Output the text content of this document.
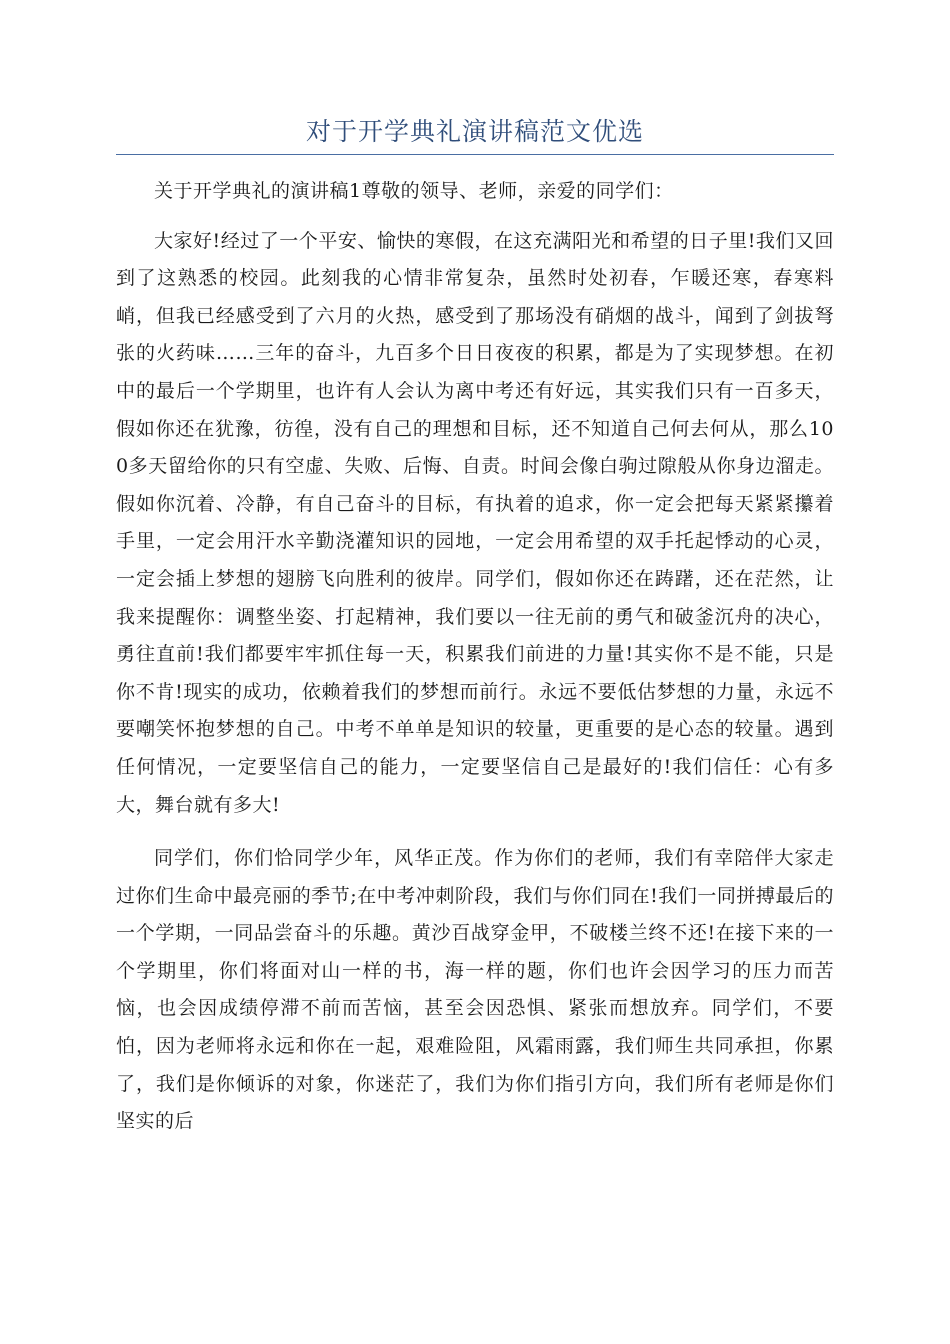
对于开学典礼演讲稿范文优选

关于开学典礼的演讲稿1尊敬的领导、老师，亲爱的同学们：

大家好!经过了一个平安、愉快的寒假，在这充满阳光和希望的日子里!我们又回到了这熟悉的校园。此刻我的心情非常复杂，虽然时处初春，乍暖还寒，春寒料峭，但我已经感受到了六月的火热，感受到了那场没有硝烟的战斗，闻到了剑拔弩张的火药味……三年的奋斗，九百多个日日夜夜的积累，都是为了实现梦想。在初中的最后一个学期里，也许有人会认为离中考还有好远，其实我们只有一百多天，假如你还在犹豫，彷徨，没有自己的理想和目标，还不知道自己何去何从，那么100多天留给你的只有空虚、失败、后悔、自责。时间会像白驹过隙般从你身边溜走。假如你沉着、冷静，有自己奋斗的目标，有执着的追求，你一定会把每天紧紧攥着手里，一定会用汗水辛勤浇灌知识的园地，一定会用希望的双手托起悸动的心灵，一定会插上梦想的翅膀飞向胜利的彼岸。同学们，假如你还在踌躇，还在茫然，让我来提醒你：调整坐姿、打起精神，我们要以一往无前的勇气和破釜沉舟的决心，勇往直前!我们都要牢牢抓住每一天，积累我们前进的力量!其实你不是不能，只是你不肯!现实的成功，依赖着我们的梦想而前行。永远不要低估梦想的力量，永远不要嘲笑怀抱梦想的自己。中考不单单是知识的较量，更重要的是心态的较量。遇到任何情况，一定要坚信自己的能力，一定要坚信自己是最好的!我们信任：心有多大，舞台就有多大!

同学们，你们恰同学少年，风华正茂。作为你们的老师，我们有幸陪伴大家走过你们生命中最亮丽的季节;在中考冲刺阶段，我们与你们同在!我们一同拼搏最后的一个学期，一同品尝奋斗的乐趣。黄沙百战穿金甲，不破楼兰终不还!在接下来的一个学期里，你们将面对山一样的书，海一样的题，你们也许会因学习的压力而苦恼，也会因成绩停滞不前而苦恼，甚至会因恐惧、紧张而想放弃。同学们，不要怕，因为老师将永远和你在一起，艰难险阻，风霜雨露，我们师生共同承担，你累了，我们是你倾诉的对象，你迷茫了，我们为你们指引方向，我们所有老师是你们坚实的后
